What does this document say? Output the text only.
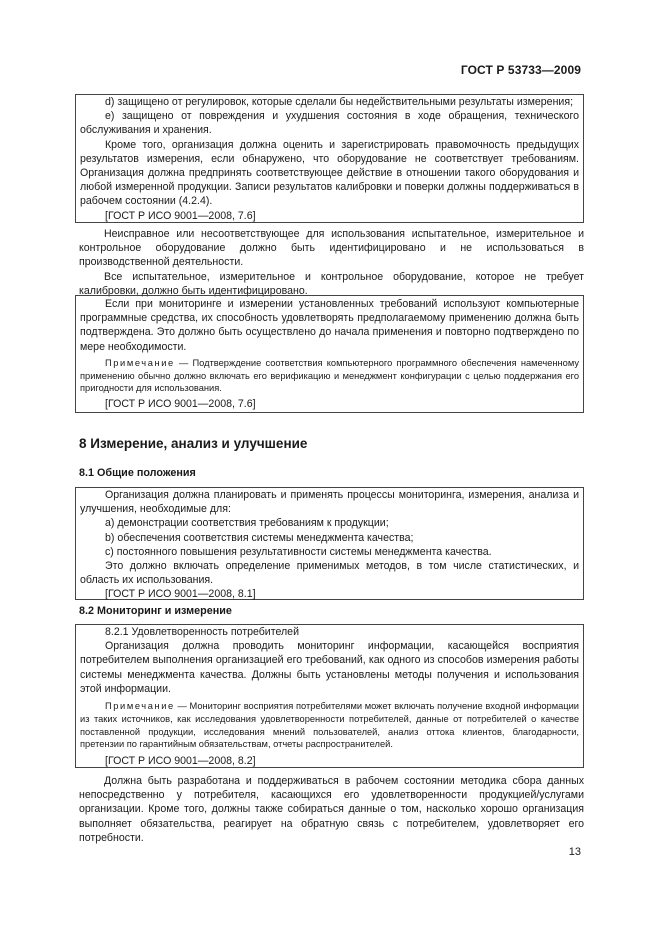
ГОСТ Р 53733—2009

d) защищено от регулировок, которые сделали бы недействительными результаты измерения;

e) защищено от повреждения и ухудшения состояния в ходе обращения, технического обслуживания и хранения.

Кроме того, организация должна оценить и зарегистрировать правомочность предыдущих результатов измерения, если обнаружено, что оборудование не соответствует требованиям. Организация должна предпринять соответствующее действие в отношении такого оборудования и любой измеренной продукции. Записи результатов калибровки и поверки должны поддерживаться в рабочем состоянии (4.2.4).

[ГОСТ Р ИСО 9001—2008, 7.6]

Неисправное или несоответствующее для использования испытательное, измерительное и контрольное оборудование должно быть идентифицировано и не использоваться в производственной деятельности.

Все испытательное, измерительное и контрольное оборудование, которое не требует калибровки, должно быть идентифицировано.

Если при мониторинге и измерении установленных требований используют компьютерные программные средства, их способность удовлетворять предполагаемому применению должна быть подтверждена. Это должно быть осуществлено до начала применения и повторно подтверждено по мере необходимости.

Примечание — Подтверждение соответствия компьютерного программного обеспечения намеченному применению обычно должно включать его верификацию и менеджмент конфигурации с целью поддержания его пригодности для использования.

[ГОСТ Р ИСО 9001—2008, 7.6]

8 Измерение, анализ и улучшение
8.1 Общие положения

Организация должна планировать и применять процессы мониторинга, измерения, анализа и улучшения, необходимые для:

a) демонстрации соответствия требованиям к продукции;

b) обеспечения соответствия системы менеджмента качества;

c) постоянного повышения результативности системы менеджмента качества.

Это должно включать определение применимых методов, в том числе статистических, и область их использования.

[ГОСТ Р ИСО 9001—2008, 8.1]

8.2 Мониторинг и измерение

8.2.1 Удовлетворенность потребителей

Организация должна проводить мониторинг информации, касающейся восприятия потребителем выполнения организацией его требований, как одного из способов измерения работы системы менеджмента качества. Должны быть установлены методы получения и использования этой информации.

Примечание — Мониторинг восприятия потребителями может включать получение входной информации из таких источников, как исследования удовлетворенности потребителей, данные от потребителей о качестве поставленной продукции, исследования мнений пользователей, анализ оттока клиентов, благодарности, претензии по гарантийным обязательствам, отчеты распространителей.

[ГОСТ Р ИСО 9001—2008, 8.2]

Должна быть разработана и поддерживаться в рабочем состоянии методика сбора данных непосредственно у потребителя, касающихся его удовлетворенности продукцией/услугами организации. Кроме того, должны также собираться данные о том, насколько хорошо организация выполняет обязательства, реагирует на обратную связь с потребителем, удовлетворяет его потребности.

13
